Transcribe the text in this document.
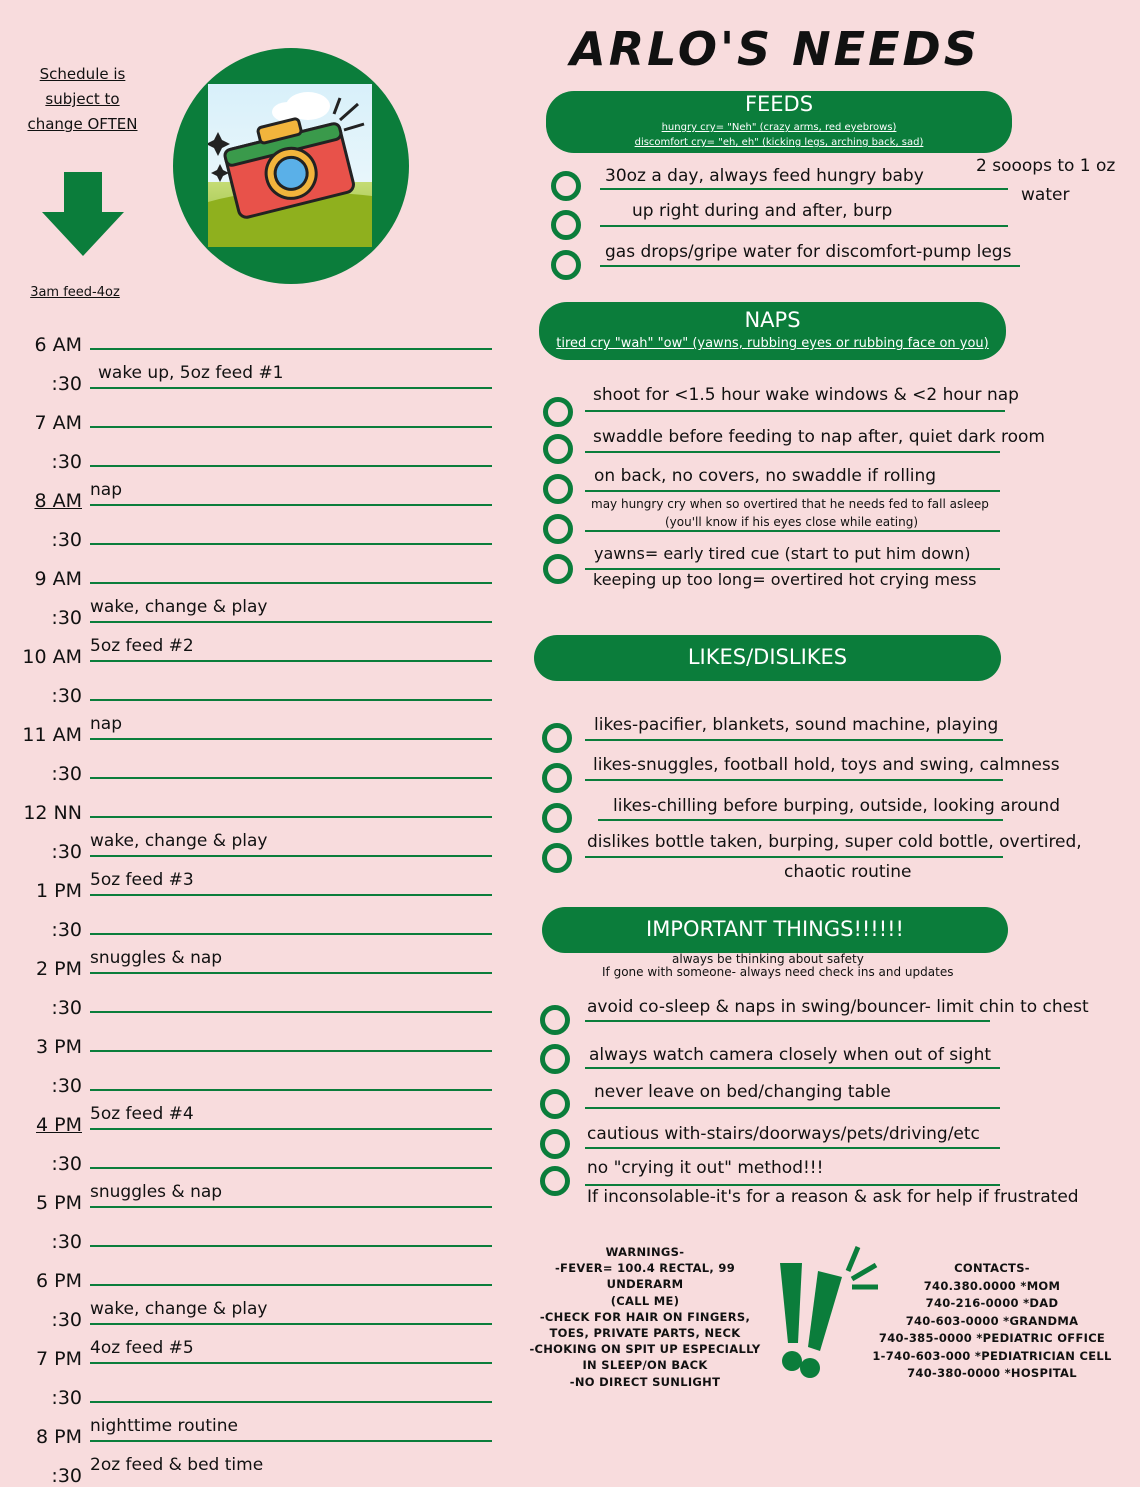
ARLO'S NEEDS
Schedule is subject to change OFTEN
3am feed-4oz
6 AM
:30 wake up, 5oz feed #1
7 AM
:30
8 AM nap
:30
9 AM
:30 wake, change & play
10 AM 5oz feed #2
:30
11 AM nap
:30
12 NN
:30 wake, change & play
1 PM 5oz feed #3
:30
2 PM snuggles & nap
:30
3 PM
:30
4 PM 5oz feed #4
:30
5 PM snuggles & nap
:30
6 PM
:30 wake, change & play
7 PM 4oz feed #5
:30
8 PM nighttime routine
:30 2oz feed & bed time
FEEDS
hungry cry= "Neh" (crazy arms, red eyebrows)
discomfort cry= "eh, eh" (kicking legs, arching back, sad)
30oz a day, always feed hungry baby
up right during and after, burp
gas drops/gripe water for discomfort-pump legs
2 sooops to 1 oz
water
NAPS
tired cry "wah" "ow" (yawns, rubbing eyes or rubbing face on you)
shoot for <1.5 hour wake windows & <2 hour nap
swaddle before feeding to nap after, quiet dark room
on back, no covers, no swaddle if rolling
may hungry cry when so overtired that he needs fed to fall asleep
(you'll know if his eyes close while eating)
yawns= early tired cue (start to put him down)
keeping up too long= overtired hot crying mess
LIKES/DISLIKES
likes-pacifier, blankets, sound machine, playing
likes-snuggles, football hold, toys and swing, calmness
likes-chilling before burping, outside, looking around
dislikes bottle taken, burping, super cold bottle, overtired,
chaotic routine
IMPORTANT THINGS!!!!!!
always be thinking about safety
If gone with someone- always need check ins and updates
avoid co-sleep & naps in swing/bouncer- limit chin to chest
always watch camera closely when out of sight
never leave on bed/changing table
cautious with-stairs/doorways/pets/driving/etc
no "crying it out" method!!!
If inconsolable-it's for a reason & ask for help if frustrated
WARNINGS-
-FEVER= 100.4 RECTAL, 99
UNDERARM
(CALL ME)
-CHECK FOR HAIR ON FINGERS,
TOES, PRIVATE PARTS, NECK
-CHOKING ON SPIT UP ESPECIALLY
IN SLEEP/ON BACK
-NO DIRECT SUNLIGHT
CONTACTS-
740.380.0000 *MOM
740-216-0000 *DAD
740-603-0000 *GRANDMA
740-385-0000 *PEDIATRIC OFFICE
1-740-603-000 *PEDIATRICIAN CELL
740-380-0000 *HOSPITAL
